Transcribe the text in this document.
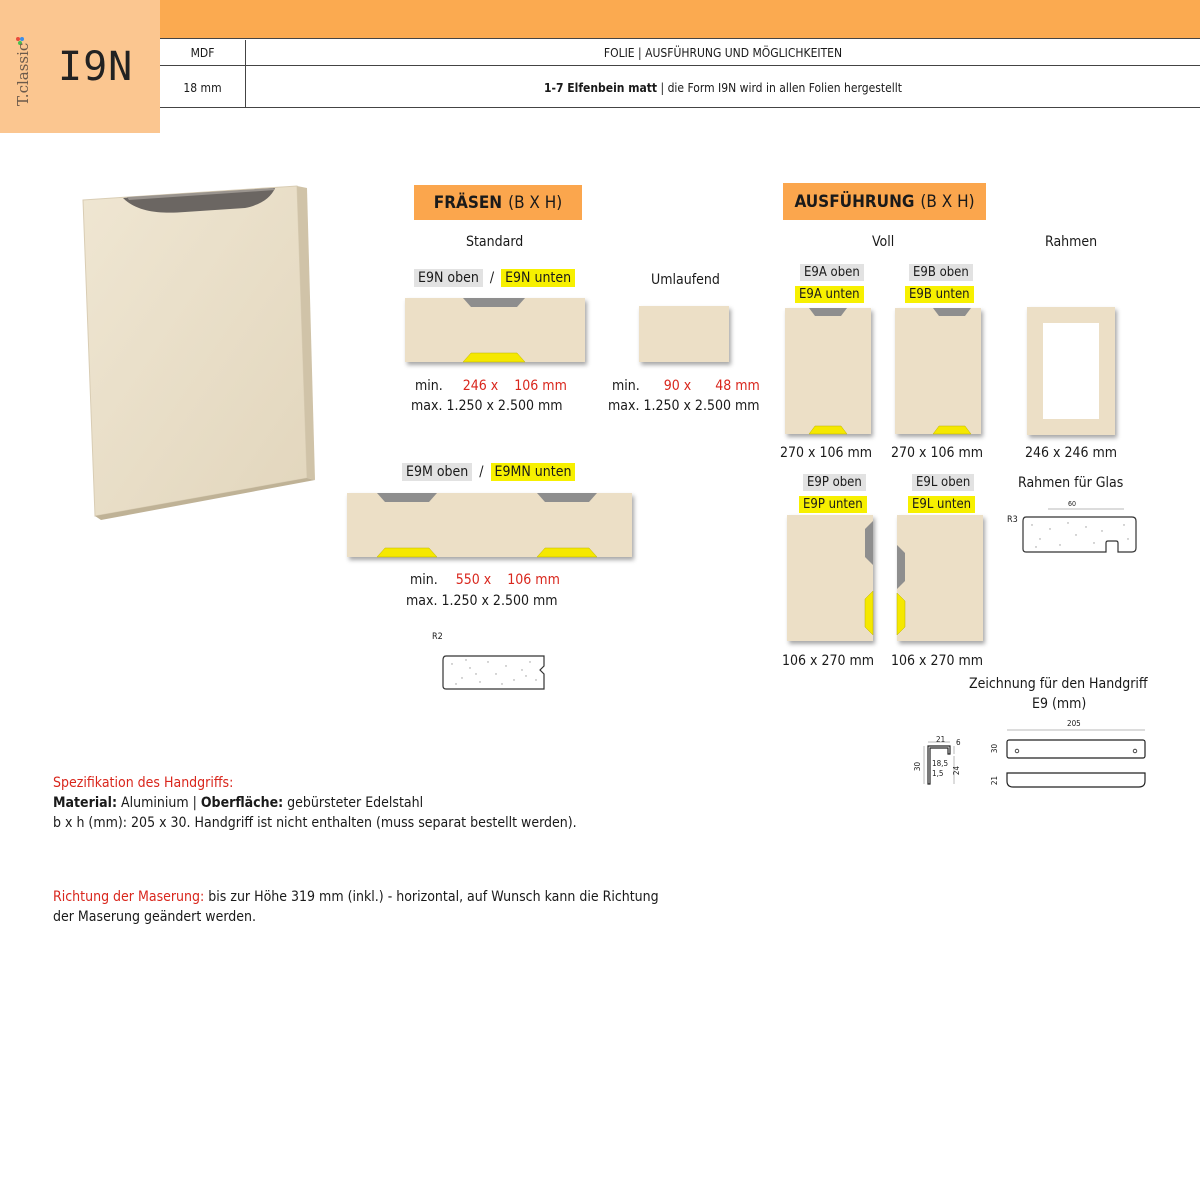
T.classic I9N	MDF	FOLIE | AUSFÜHRUNG UND MÖGLICHKEITEN
18 mm	1-7 Elfenbein matt | die Form I9N wird in allen Folien hergestellt
FRÄSEN (B X H)
Standard
E9N oben / E9N unten	Umlaufend
min. 246 x 106 mm
max. 1.250 x 2.500 mm
min. 90 x 48 mm
max. 1.250 x 2.500 mm
E9M oben / E9MN unten
min. 550 x 106 mm
max. 1.250 x 2.500 mm
R2
AUSFÜHRUNG (B X H)
Voll	Rahmen
E9A oben
E9A unten
E9B oben
E9B unten
270 x 106 mm 270 x 106 mm	246 x 246 mm
E9P oben
E9P unten
E9L oben
E9L unten
106 x 270 mm 106 x 270 mm
Rahmen für Glas
R3
60
Zeichnung für den Handgriff
E9 (mm)
21 6
30 18,5
1,5 24
205
30
21
Spezifikation des Handgriffs:
Material: Aluminium | Oberfläche: gebürsteter Edelstahl
b x h (mm): 205 x 30. Handgriff ist nicht enthalten (muss separat bestellt werden).
Richtung der Maserung: bis zur Höhe 319 mm (inkl.) - horizontal, auf Wunsch kann die Richtung
der Maserung geändert werden.
